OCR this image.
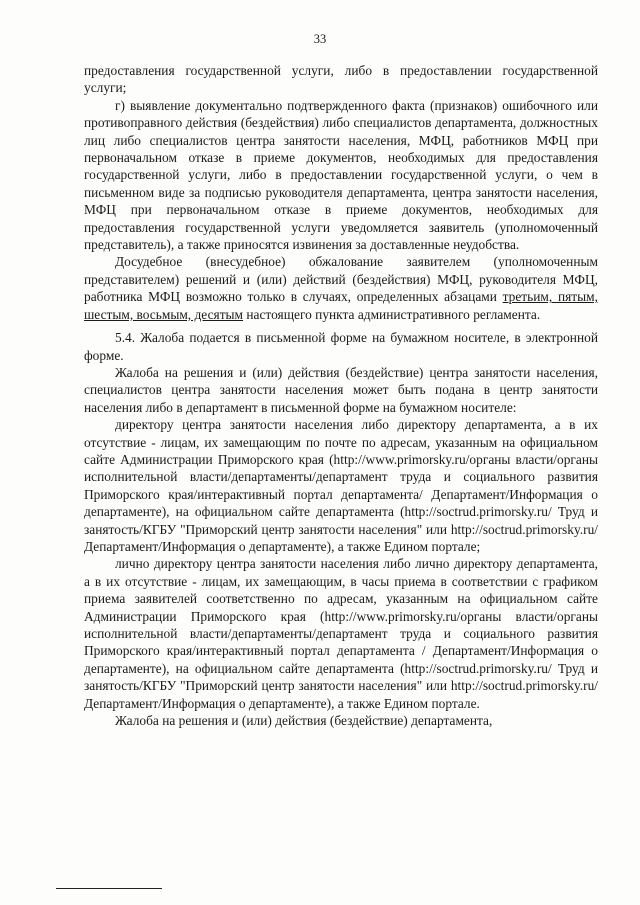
33

предоставления государственной услуги, либо в предоставлении государственной услуги;

г) выявление документально подтвержденного факта (признаков) ошибочного или противоправного действия (бездействия) либо специалистов департамента, должностных лиц либо специалистов центра занятости населения, МФЦ, работников МФЦ при первоначальном отказе в приеме документов, необходимых для предоставления государственной услуги, либо в предоставлении государственной услуги, о чем в письменном виде за подписью руководителя департамента, центра занятости населения, МФЦ при первоначальном отказе в приеме документов, необходимых для предоставления государственной услуги уведомляется заявитель (уполномоченный представитель), а также приносятся извинения за доставленные неудобства.

Досудебное (внесудебное) обжалование заявителем (уполномоченным представителем) решений и (или) действий (бездействия) МФЦ, руководителя МФЦ, работника МФЦ возможно только в случаях, определенных абзацами третьим, пятым, шестым, восьмым, десятым настоящего пункта административного регламента.

5.4. Жалоба подается в письменной форме на бумажном носителе, в электронной форме.

Жалоба на решения и (или) действия (бездействие) центра занятости населения, специалистов центра занятости населения может быть подана в центр занятости населения либо в департамент в письменной форме на бумажном носителе:

директору центра занятости населения либо директору департамента, а в их отсутствие - лицам, их замещающим по почте по адресам, указанным на официальном сайте Администрации Приморского края (http://www.primorsky.ru/органы власти/органы исполнительной власти/департаменты/департамент труда и социального развития Приморского края/интерактивный портал департамента/ Департамент/Информация о департаменте), на официальном сайте департамента (http://soctrud.primorsky.ru/ Труд и занятость/КГБУ "Приморский центр занятости населения" или http://soctrud.primorsky.ru/ Департамент/Информация о департаменте), а также Едином портале;

лично директору центра занятости населения либо лично директору департамента, а в их отсутствие - лицам, их замещающим, в часы приема в соответствии с графиком приема заявителей соответственно по адресам, указанным на официальном сайте Администрации Приморского края (http://www.primorsky.ru/органы власти/органы исполнительной власти/департаменты/департамент труда и социального развития Приморского края/интерактивный портал департамента / Департамент/Информация о департаменте), на официальном сайте департамента (http://soctrud.primorsky.ru/ Труд и занятость/КГБУ "Приморский центр занятости населения" или http://soctrud.primorsky.ru/ Департамент/Информация о департаменте), а также Едином портале.

Жалоба на решения и (или) действия (бездействие) департамента,
